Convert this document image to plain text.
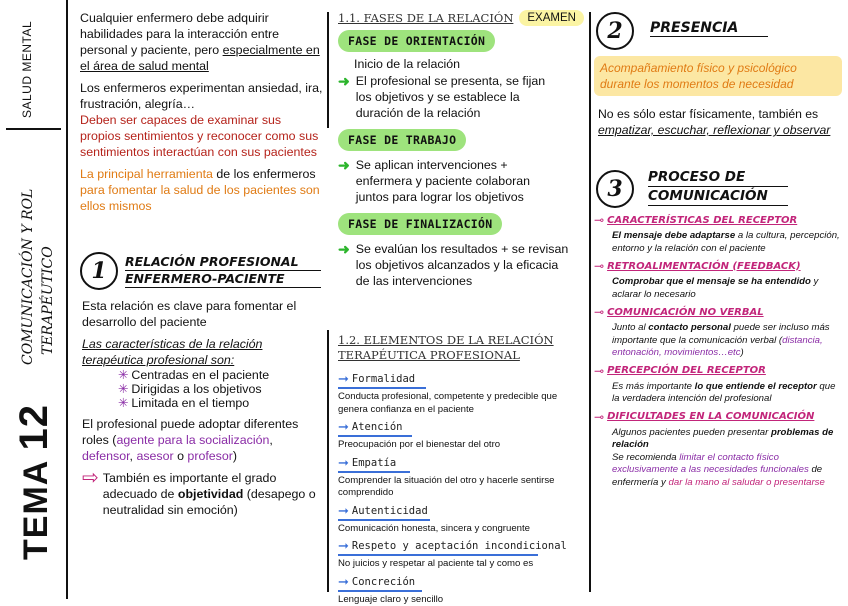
SALUD MENTAL
COMUNICACIÓN Y ROL TERAPÉUTICO
TEMA 12

Cualquier enfermero debe adquirir habilidades para la interacción entre personal y paciente, pero especialmente en el área de salud mental

Los enfermeros experimentan ansiedad, ira, frustración, alegría…
Deben ser capaces de examinar sus propios sentimientos y reconocer como sus sentimientos interactúan con sus pacientes

La principal herramienta de los enfermeros para fomentar la salud de los pacientes son ellos mismos

1	RELACIÓN PROFESIONAL
ENFERMERO-PACIENTE

Esta relación es clave para fomentar el desarrollo del paciente

Las características de la relación terapéutica profesional son:

✳ Centradas en el paciente
✳ Dirigidas a los objetivos
✳ Limitada en el tiempo

El profesional puede adoptar diferentes roles (agente para la socialización, defensor, asesor o profesor)

⇨ También es importante el grado adecuado de objetividad (desapego o neutralidad sin emoción)
1.1. FASES DE LA RELACIÓN	EXAMEN
FASE DE ORIENTACIÓN
Inicio de la relación
➜ El profesional se presenta, se fijan los objetivos y se establece la duración de la relación
FASE DE TRABAJO
➜ Se aplican intervenciones + enfermera y paciente colaboran juntos para lograr los objetivos
FASE DE FINALIZACIÓN
➜ Se evalúan los resultados + se revisan los objetivos alcanzados y la eficacia de las intervenciones
1.2. ELEMENTOS DE LA RELACIÓN
TERAPÉUTICA PROFESIONAL
➞ Formalidad
Conducta profesional, competente y predecible que genera confianza en el paciente
➞ Atención
Preocupación por el bienestar del otro
➞ Empatía
Comprender la situación del otro y hacerle sentirse comprendido
➞ Autenticidad
Comunicación honesta, sincera y congruente
➞ Respeto y aceptación incondicional
No juicios y respetar al paciente tal y como es
➞ Concreción
Lenguaje claro y sencillo
2	PRESENCIA
Acompañamiento físico y psicológico durante los momentos de necesidad
No es sólo estar físicamente, también es empatizar, escuchar, reflexionar y observar
3	PROCESO DE
COMUNICACIÓN
⊸ CARACTERÍSTICAS DEL RECEPTOR
El mensaje debe adaptarse a la cultura, percepción, entorno y la relación con el paciente
⊸ RETROALIMENTACIÓN (FEEDBACK)
Comprobar que el mensaje se ha entendido y aclarar lo necesario
⊸ COMUNICACIÓN NO VERBAL
Junto al contacto personal puede ser incluso más importante que la comunicación verbal (distancia, entonación, movimientos…etc)
⊸ PERCEPCIÓN DEL RECEPTOR
Es más importante lo que entiende el receptor que la verdadera intención del profesional
⊸ DIFICULTADES EN LA COMUNICACIÓN
Algunos pacientes pueden presentar problemas de relación
Se recomienda limitar el contacto físico exclusivamente a las necesidades funcionales de enfermería y dar la mano al saludar o presentarse
